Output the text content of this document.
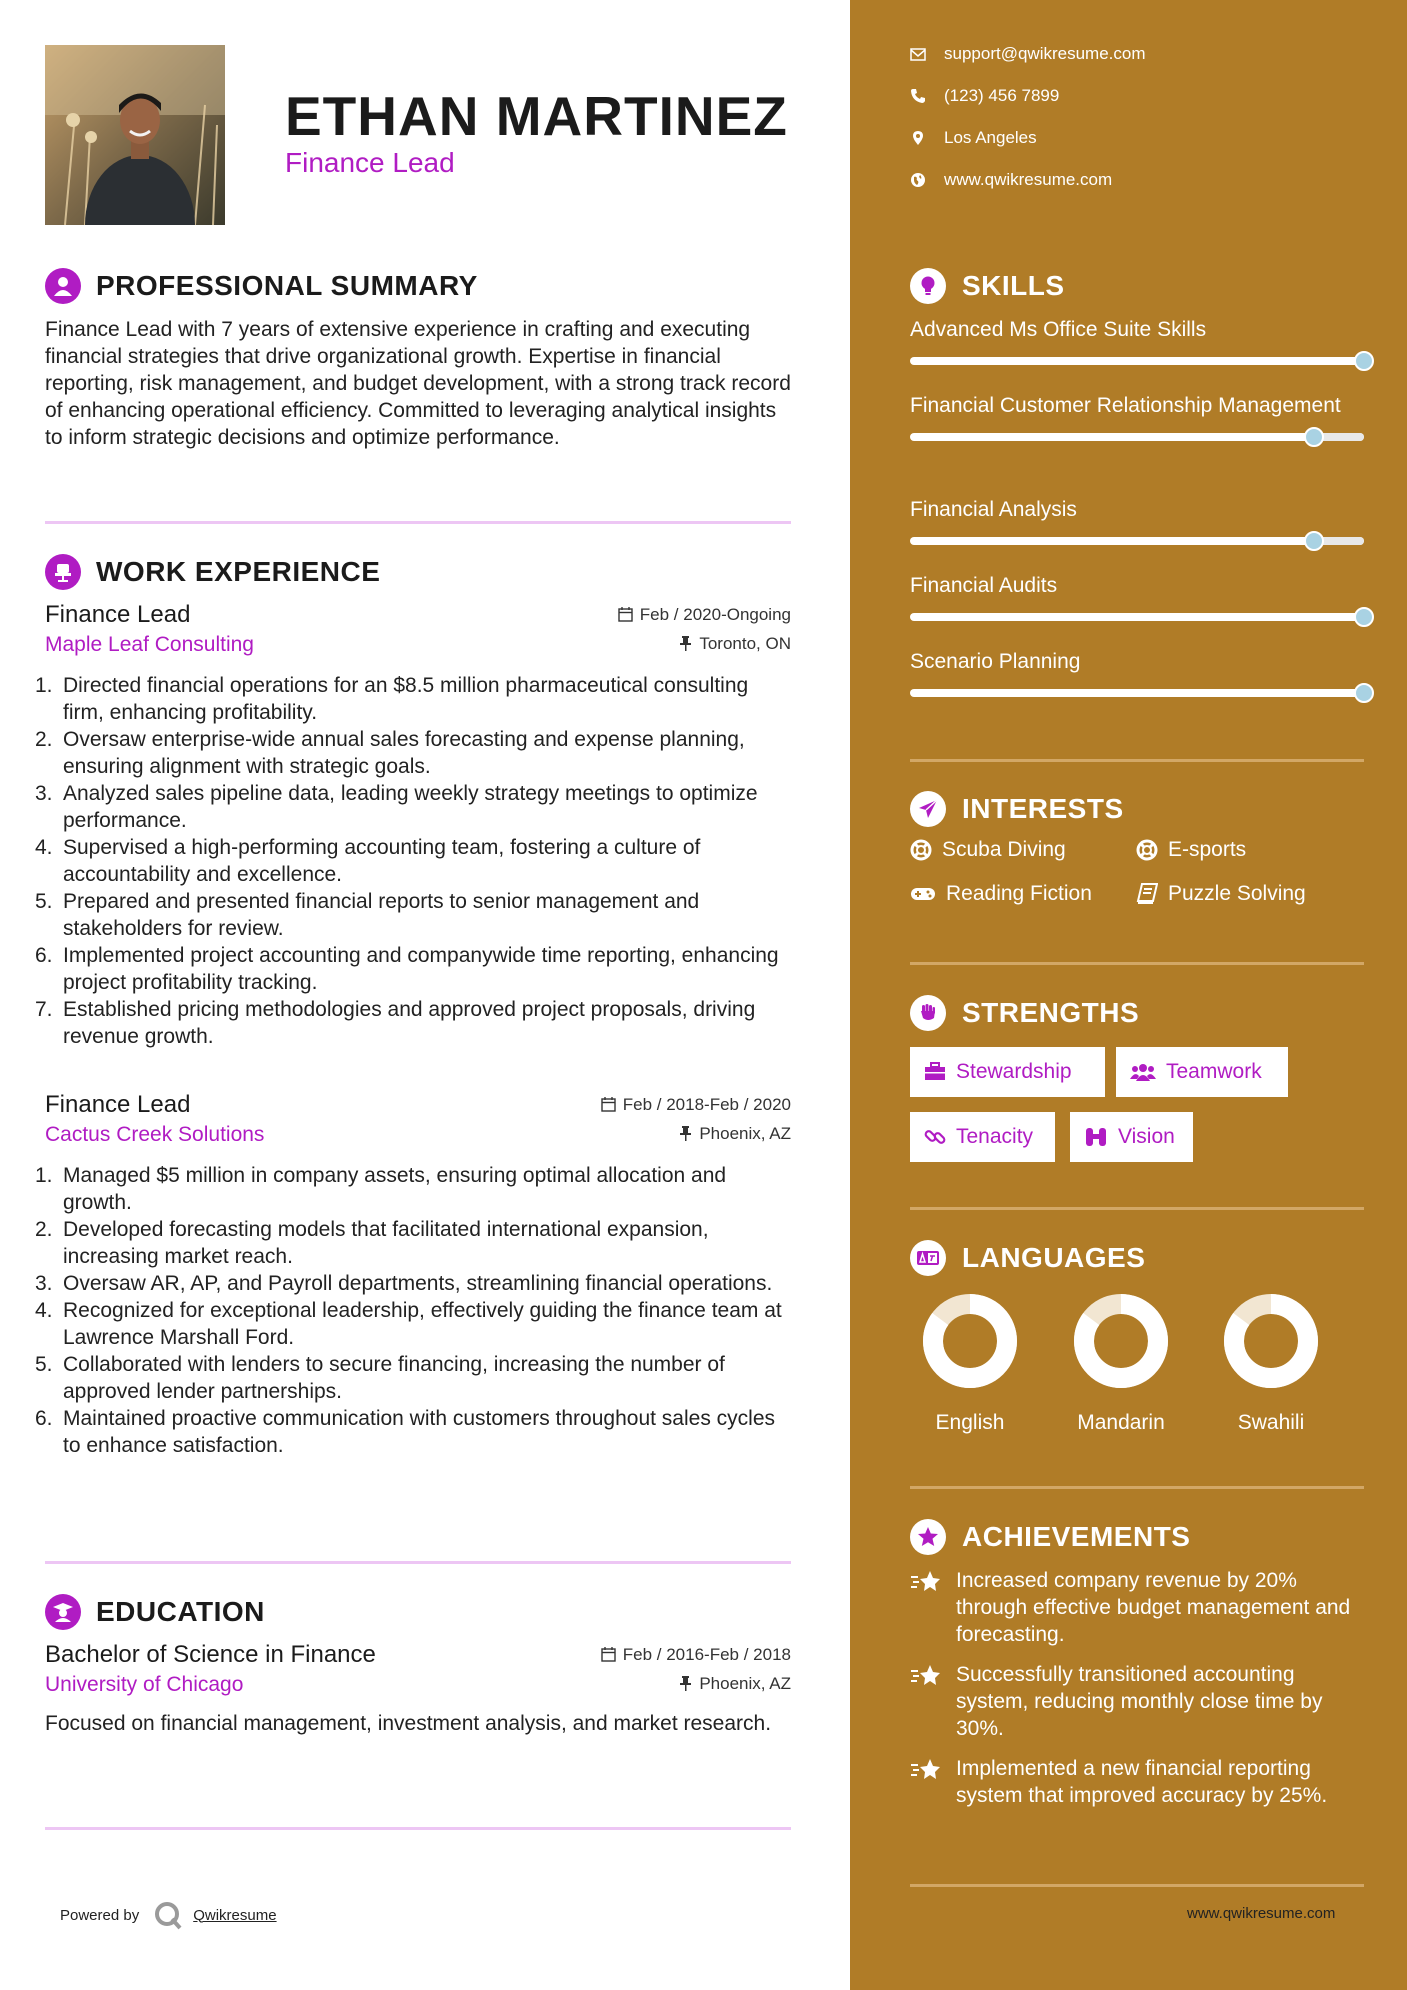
ETHAN MARTINEZ
Finance Lead
PROFESSIONAL SUMMARY
Finance Lead with 7 years of extensive experience in crafting and executing financial strategies that drive organizational growth. Expertise in financial reporting, risk management, and budget development, with a strong track record of enhancing operational efficiency. Committed to leveraging analytical insights to inform strategic decisions and optimize performance.
WORK EXPERIENCE
Finance Lead	Feb / 2020-Ongoing
Maple Leaf Consulting	Toronto, ON
1. Directed financial operations for an $8.5 million pharmaceutical consulting firm, enhancing profitability.
2. Oversaw enterprise-wide annual sales forecasting and expense planning, ensuring alignment with strategic goals.
3. Analyzed sales pipeline data, leading weekly strategy meetings to optimize performance.
4. Supervised a high-performing accounting team, fostering a culture of accountability and excellence.
5. Prepared and presented financial reports to senior management and stakeholders for review.
6. Implemented project accounting and companywide time reporting, enhancing project profitability tracking.
7. Established pricing methodologies and approved project proposals, driving revenue growth.
Finance Lead	Feb / 2018-Feb / 2020
Cactus Creek Solutions	Phoenix, AZ
1. Managed $5 million in company assets, ensuring optimal allocation and growth.
2. Developed forecasting models that facilitated international expansion, increasing market reach.
3. Oversaw AR, AP, and Payroll departments, streamlining financial operations.
4. Recognized for exceptional leadership, effectively guiding the finance team at Lawrence Marshall Ford.
5. Collaborated with lenders to secure financing, increasing the number of approved lender partnerships.
6. Maintained proactive communication with customers throughout sales cycles to enhance satisfaction.
EDUCATION
Bachelor of Science in Finance	Feb / 2016-Feb / 2018
University of Chicago	Phoenix, AZ
Focused on financial management, investment analysis, and market research.
Powered by	Qwikresume
support@qwikresume.com
(123) 456 7899
Los Angeles
www.qwikresume.com
SKILLS
Advanced Ms Office Suite Skills
Financial Customer Relationship Management
Financial Analysis
Financial Audits
Scenario Planning
INTERESTS
Scuba Diving	E-sports
Reading Fiction	Puzzle Solving
STRENGTHS
Stewardship	Teamwork
Tenacity	Vision
LANGUAGES
English	Mandarin	Swahili
ACHIEVEMENTS
Increased company revenue by 20% through effective budget management and forecasting.
Successfully transitioned accounting system, reducing monthly close time by 30%.
Implemented a new financial reporting system that improved accuracy by 25%.
www.qwikresume.com
